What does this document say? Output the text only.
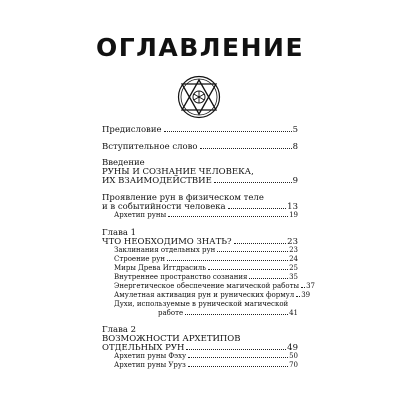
ОГЛАВЛЕНИЕ
Предисловие	5
Вступительное слово	8
Введение
РУНЫ И СОЗНАНИЕ ЧЕЛОВЕКА,
ИХ ВЗАИМОДЕЙСТВИЕ	9
Проявление рун в физическом теле
и в событийности человека	13
Архетип руны	19
Глава 1
ЧТО НЕОБХОДИМО ЗНАТЬ?	23
Заклинания отдельных рун	23
Строение рун	24
Миры Древа Иггдрасиль	25
Внутреннее пространство сознания	35
Энергетическое обеспечение магической работы 37
Амулетная активация рун и рунических формул 39
Духи, используемые в рунической магической
работе	41
Глава 2
ВОЗМОЖНОСТИ АРХЕТИПОВ
ОТДЕЛЬНЫХ РУН	49
Архетип руны Фэху	50
Архетип руны Уруз	70
